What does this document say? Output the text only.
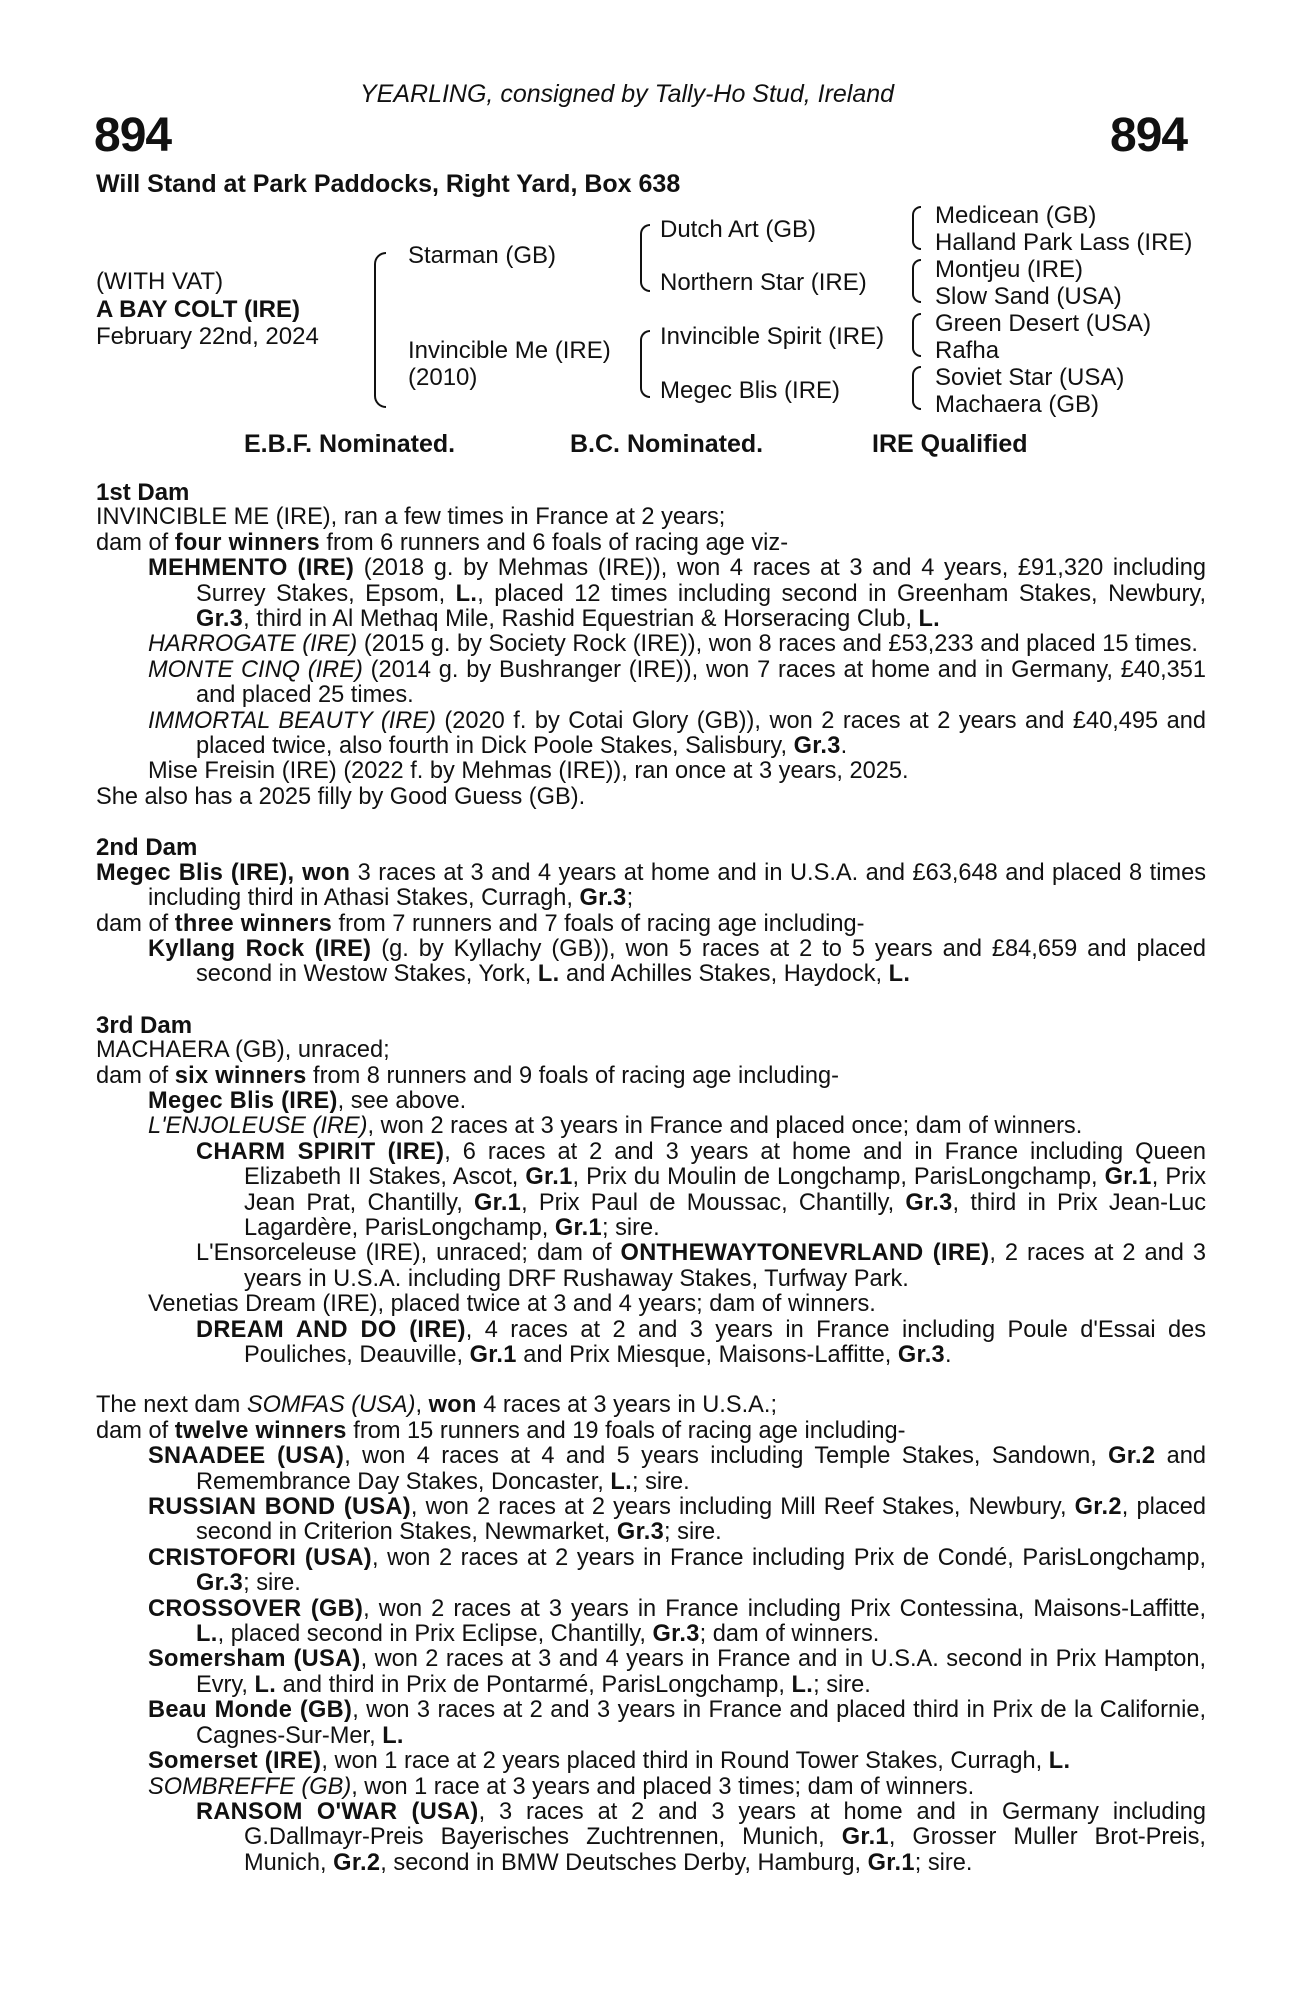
YEARLING, consigned by Tally-Ho Stud, Ireland
894	894
Will Stand at Park Paddocks, Right Yard, Box 638
(WITH VAT)
A BAY COLT (IRE)
February 22nd, 2024
Starman (GB)
Invincible Me (IRE)
(2010)
Dutch Art (GB)
Northern Star (IRE)
Invincible Spirit (IRE)
Megec Blis (IRE)
Medicean (GB)
Halland Park Lass (IRE)
Montjeu (IRE)
Slow Sand (USA)
Green Desert (USA)
Rafha
Soviet Star (USA)
Machaera (GB)
E.B.F. Nominated.	B.C. Nominated.	IRE Qualified

1st Dam

INVINCIBLE ME (IRE), ran a few times in France at 2 years;

dam of four winners from 6 runners and 6 foals of racing age viz-

MEHMENTO (IRE) (2018 g. by Mehmas (IRE)), won 4 races at 3 and 4 years, £91,320 including Surrey Stakes, Epsom, L., placed 12 times including second in Greenham Stakes, Newbury, Gr.3, third in Al Methaq Mile, Rashid Equestrian & Horseracing Club, L.

HARROGATE (IRE) (2015 g. by Society Rock (IRE)), won 8 races and £53,233 and placed 15 times.

MONTE CINQ (IRE) (2014 g. by Bushranger (IRE)), won 7 races at home and in Germany, £40,351 and placed 25 times.

IMMORTAL BEAUTY (IRE) (2020 f. by Cotai Glory (GB)), won 2 races at 2 years and £40,495 and placed twice, also fourth in Dick Poole Stakes, Salisbury, Gr.3.

Mise Freisin (IRE) (2022 f. by Mehmas (IRE)), ran once at 3 years, 2025.

She also has a 2025 filly by Good Guess (GB).

2nd Dam

Megec Blis (IRE), won 3 races at 3 and 4 years at home and in U.S.A. and £63,648 and placed 8 times including third in Athasi Stakes, Curragh, Gr.3;

dam of three winners from 7 runners and 7 foals of racing age including-

Kyllang Rock (IRE) (g. by Kyllachy (GB)), won 5 races at 2 to 5 years and £84,659 and placed second in Westow Stakes, York, L. and Achilles Stakes, Haydock, L.

3rd Dam

MACHAERA (GB), unraced;

dam of six winners from 8 runners and 9 foals of racing age including-

Megec Blis (IRE), see above.

L'ENJOLEUSE (IRE), won 2 races at 3 years in France and placed once; dam of winners.

CHARM SPIRIT (IRE), 6 races at 2 and 3 years at home and in France including Queen Elizabeth II Stakes, Ascot, Gr.1, Prix du Moulin de Longchamp, ParisLongchamp, Gr.1, Prix Jean Prat, Chantilly, Gr.1, Prix Paul de Moussac, Chantilly, Gr.3, third in Prix Jean-Luc Lagardère, ParisLongchamp, Gr.1; sire.

L'Ensorceleuse (IRE), unraced; dam of ONTHEWAYTONEVRLAND (IRE), 2 races at 2 and 3 years in U.S.A. including DRF Rushaway Stakes, Turfway Park.

Venetias Dream (IRE), placed twice at 3 and 4 years; dam of winners.

DREAM AND DO (IRE), 4 races at 2 and 3 years in France including Poule d'Essai des Pouliches, Deauville, Gr.1 and Prix Miesque, Maisons-Laffitte, Gr.3.

The next dam SOMFAS (USA), won 4 races at 3 years in U.S.A.;

dam of twelve winners from 15 runners and 19 foals of racing age including-

SNAADEE (USA), won 4 races at 4 and 5 years including Temple Stakes, Sandown, Gr.2 and Remembrance Day Stakes, Doncaster, L.; sire.

RUSSIAN BOND (USA), won 2 races at 2 years including Mill Reef Stakes, Newbury, Gr.2, placed second in Criterion Stakes, Newmarket, Gr.3; sire.

CRISTOFORI (USA), won 2 races at 2 years in France including Prix de Condé, ParisLongchamp, Gr.3; sire.

CROSSOVER (GB), won 2 races at 3 years in France including Prix Contessina, Maisons-Laffitte, L., placed second in Prix Eclipse, Chantilly, Gr.3; dam of winners.

Somersham (USA), won 2 races at 3 and 4 years in France and in U.S.A. second in Prix Hampton, Evry, L. and third in Prix de Pontarmé, ParisLongchamp, L.; sire.

Beau Monde (GB), won 3 races at 2 and 3 years in France and placed third in Prix de la Californie, Cagnes-Sur-Mer, L.

Somerset (IRE), won 1 race at 2 years placed third in Round Tower Stakes, Curragh, L.

SOMBREFFE (GB), won 1 race at 3 years and placed 3 times; dam of winners.

RANSOM O'WAR (USA), 3 races at 2 and 3 years at home and in Germany including G.Dallmayr-Preis Bayerisches Zuchtrennen, Munich, Gr.1, Grosser Muller Brot-Preis, Munich, Gr.2, second in BMW Deutsches Derby, Hamburg, Gr.1; sire.
